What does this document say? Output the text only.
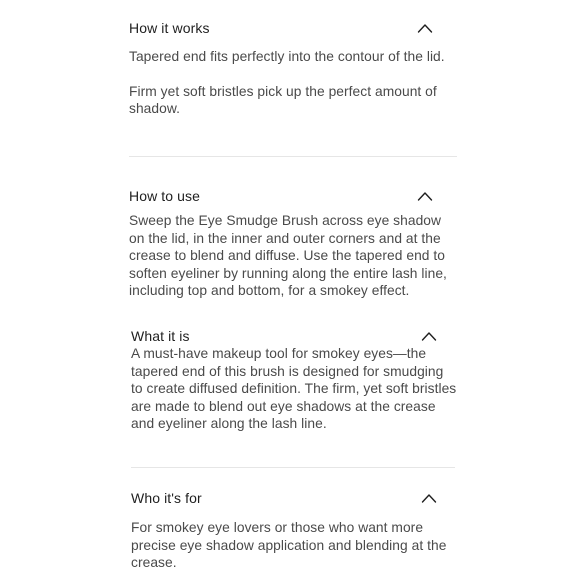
How it works

Tapered end fits perfectly into the contour of the lid.

Firm yet soft bristles pick up the perfect amount of shadow.

How to use

Sweep the Eye Smudge Brush across eye shadow on the lid, in the inner and outer corners and at the crease to blend and diffuse. Use the tapered end to soften eyeliner by running along the entire lash line, including top and bottom, for a smokey effect.

What it is

A must-have makeup tool for smokey eyes—the tapered end of this brush is designed for smudging to create diffused definition. The firm, yet soft bristles are made to blend out eye shadows at the crease and eyeliner along the lash line.

Who it's for

For smokey eye lovers or those who want more precise eye shadow application and blending at the crease.
